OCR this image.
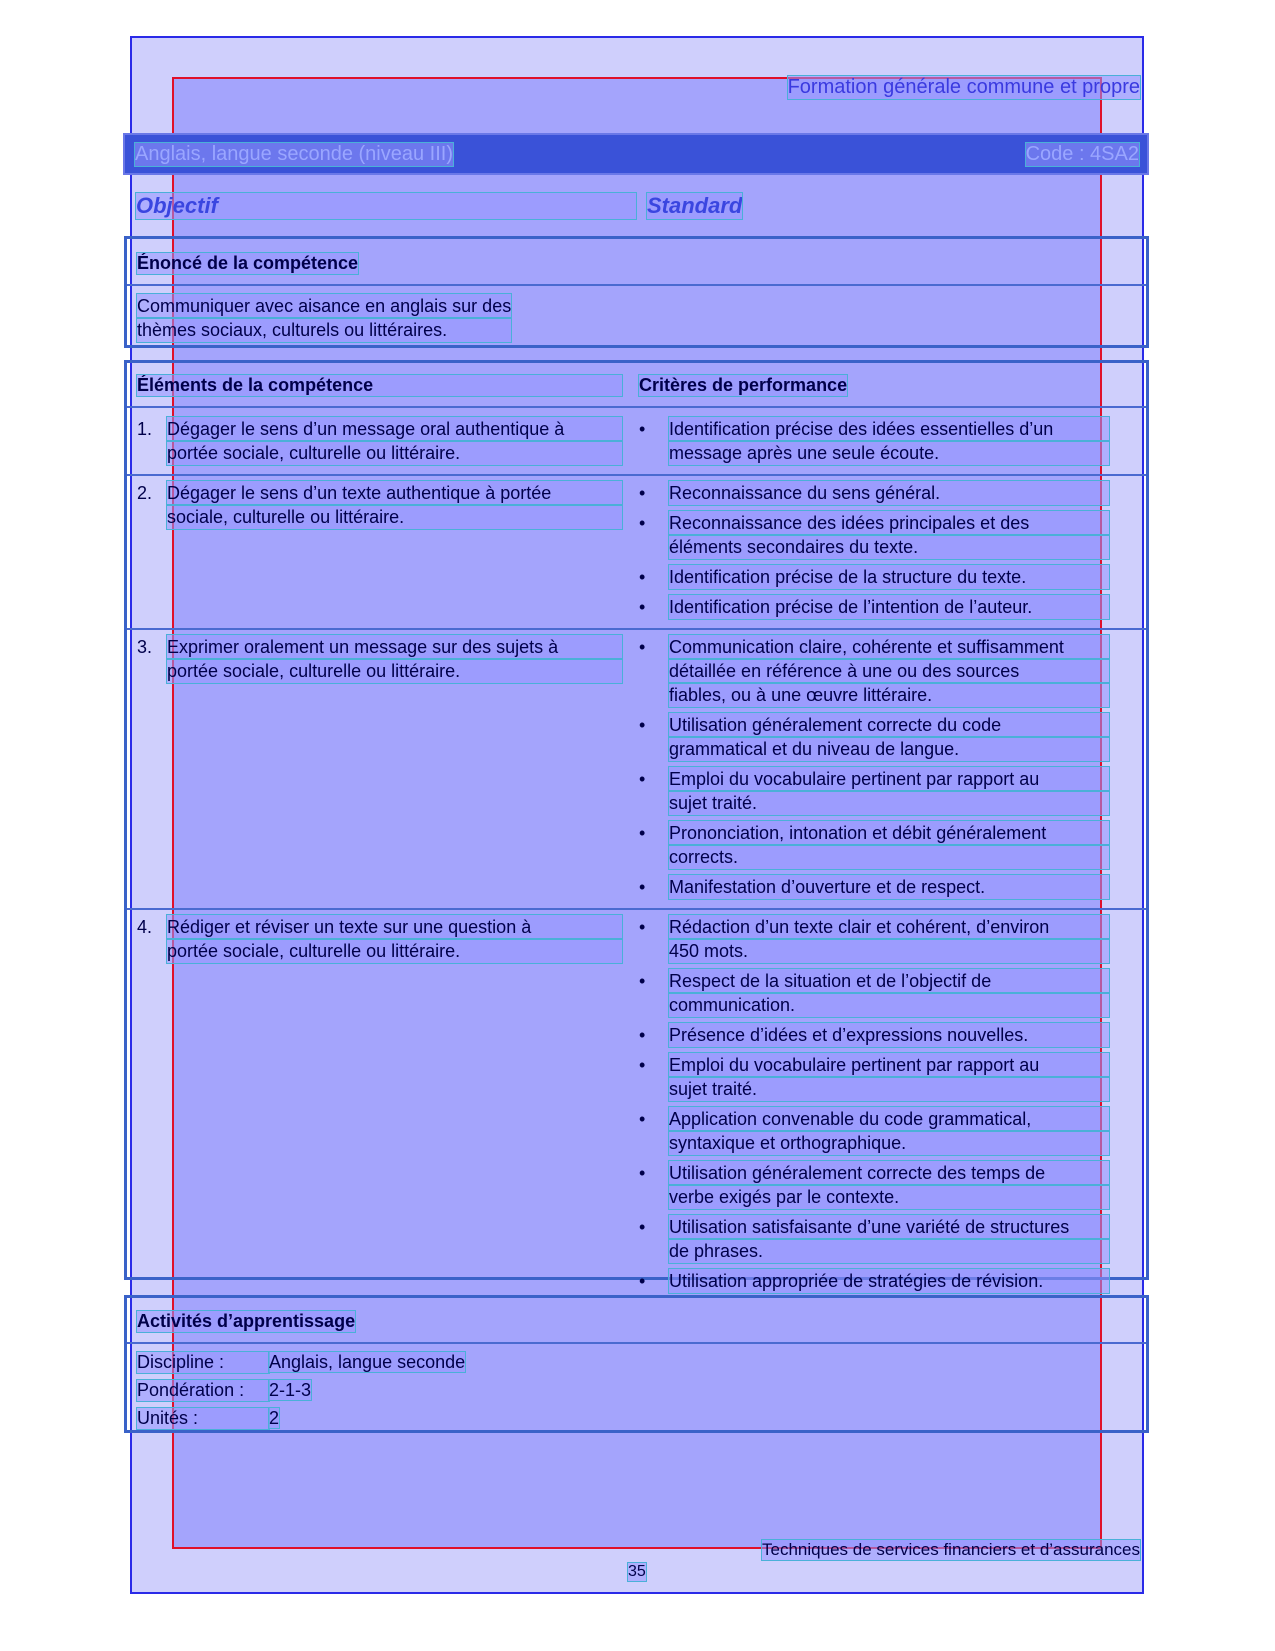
Formation générale commune et propre
Anglais, langue seconde (niveau III)	Code : 4SA2
Objectif	Standard
Énoncé de la compétence
Communiquer avec aisance en anglais sur des
thèmes sociaux, culturels ou littéraires.
Éléments de la compétence	Critères de performance
1. Dégager le sens d’un message oral authentique à
portée sociale, culturelle ou littéraire.
•	Identification précise des idées essentielles d’un
message après une seule écoute.
2. Dégager le sens d’un texte authentique à portée
sociale, culturelle ou littéraire.
•	Reconnaissance du sens général.
•	Reconnaissance des idées principales et des
éléments secondaires du texte.
•	Identification précise de la structure du texte.
•	Identification précise de l’intention de l’auteur.
3. Exprimer oralement un message sur des sujets à
portée sociale, culturelle ou littéraire.
•	Communication claire, cohérente et suffisamment
détaillée en référence à une ou des sources
fiables, ou à une œuvre littéraire.
•	Utilisation généralement correcte du code
grammatical et du niveau de langue.
•	Emploi du vocabulaire pertinent par rapport au
sujet traité.
•	Prononciation, intonation et débit généralement
corrects.
•	Manifestation d’ouverture et de respect.
4. Rédiger et réviser un texte sur une question à
portée sociale, culturelle ou littéraire.
•	Rédaction d’un texte clair et cohérent, d’environ
450 mots.
•	Respect de la situation et de l’objectif de
communication.
•	Présence d’idées et d’expressions nouvelles.
•	Emploi du vocabulaire pertinent par rapport au
sujet traité.
•	Application convenable du code grammatical,
syntaxique et orthographique.
•	Utilisation généralement correcte des temps de
verbe exigés par le contexte.
•	Utilisation satisfaisante d’une variété de structures
de phrases.
•	Utilisation appropriée de stratégies de révision.
Activités d’apprentissage
Discipline : Anglais, langue seconde
Pondération : 2-1-3
Unités :	2
Techniques de services financiers et d’assurances
35
